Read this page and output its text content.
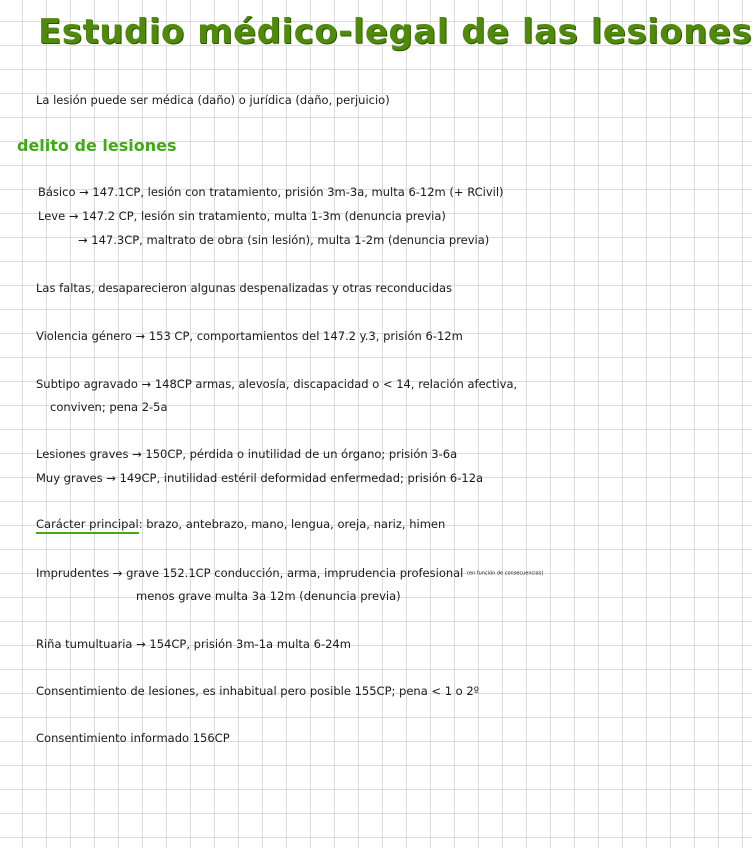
Estudio médico-legal de las lesiones
La lesión puede ser médica (daño) o jurídica (daño, perjuicio)
delito de lesiones
Básico → 147.1CP, lesión con tratamiento, prisión 3m-3a, multa 6-12m (+ RCivil)
Leve → 147.2 CP, lesión sin tratamiento, multa 1-3m (denuncia previa)
→ 147.3CP, maltrato de obra (sin lesión), multa 1-2m (denuncia previa)
Las faltas, desaparecieron algunas despenalizadas y otras reconducidas
Violencia género → 153 CP, comportamientos del 147.2 y.3, prisión 6-12m
Subtipo agravado → 148CP armas, alevosía, discapacidad o < 14, relación afectiva,
conviven; pena 2-5a
Lesiones graves → 150CP, pérdida o inutilidad de un órgano; prisión 3-6a
Muy graves → 149CP, inutilidad estéril deformidad enfermedad; prisión 6-12a
Carácter principal: brazo, antebrazo, mano, lengua, oreja, nariz, himen
Imprudentes → grave 152.1CP conducción, arma, imprudencia profesional (en función de consecuencias)
menos grave multa 3a 12m (denuncia previa)
Riña tumultuaria → 154CP, prisión 3m-1a multa 6-24m
Consentimiento de lesiones, es inhabitual pero posible 155CP; pena < 1 o 2º
Consentimiento informado 156CP
